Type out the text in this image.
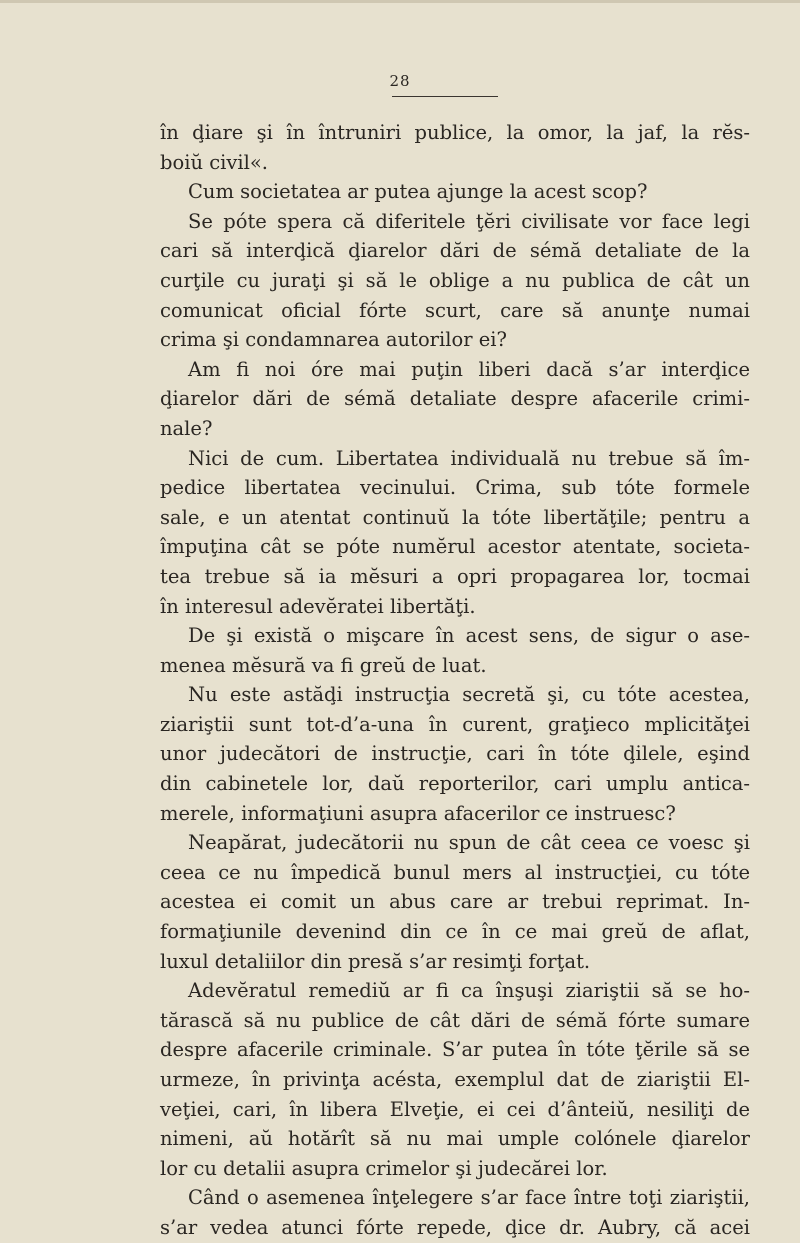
28
în ḑiare şi în întruniri publice, la omor, la jaf, la rĕs-
boiŭ civil«.
Cum societatea ar putea ajunge la acest scop?
Se póte spera că diferitele ţĕri civilisate vor face legi
cari să interḑică ḑiarelor dări de sémă detaliate de la
curţile cu juraţi şi să le oblige a nu publica de cât un
comunicat oficial fórte scurt, care să anunţe numai
crima şi condamnarea autorilor ei?
Am fi noi óre mai puţin liberi dacă s’ar interḑice
ḑiarelor dări de sémă detaliate despre afacerile crimi-
nale?
Nici de cum. Libertatea individuală nu trebue să îm-
pedice libertatea vecinului. Crima, sub tóte formele
sale, e un atentat continuŭ la tóte libertăţile; pentru a
împuţina cât se póte numĕrul acestor atentate, societa-
tea trebue să ia mĕsuri a opri propagarea lor, tocmai
în interesul adevĕratei libertăţi.
De şi există o mişcare în acest sens, de sigur o ase-
menea mĕsură va fi greŭ de luat.
Nu este astăḑi instrucţia secretă şi, cu tóte acestea,
ziariştii sunt tot-d’a-una în curent, graţieco mplicităţei
unor judecători de instrucţie, cari în tóte ḑilele, eşind
din cabinetele lor, daŭ reporterilor, cari umplu antica-
merele, informaţiuni asupra afacerilor ce instruesc?
Neapărat, judecătorii nu spun de cât ceea ce voesc şi
ceea ce nu împedică bunul mers al instrucţiei, cu tóte
acestea ei comit un abus care ar trebui reprimat. In-
formaţiunile devenind din ce în ce mai greŭ de aflat,
luxul detaliilor din presă s’ar resimţi forţat.
Adevĕratul remediŭ ar fi ca înşuşi ziariştii să se ho-
tărască să nu publice de cât dări de sémă fórte sumare
despre afacerile criminale. S’ar putea în tóte ţĕrile să se
urmeze, în privinţa acésta, exemplul dat de ziariştii El-
veţiei, cari, în libera Elveţie, ei cei d’ânteiŭ, nesiliţi de
nimeni, aŭ hotărît să nu mai umple colónele ḑiarelor
lor cu detalii asupra crimelor şi judecărei lor.
Când o asemenea înţelegere s’ar face între toţi ziariştii,
s’ar vedea atunci fórte repede, ḑice dr. Aubry, că acei
